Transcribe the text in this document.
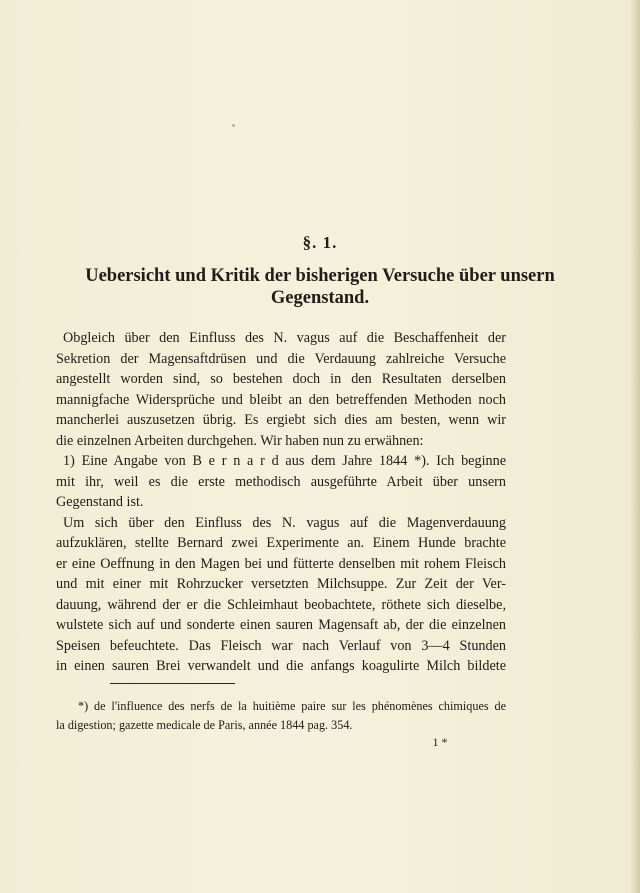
§. 1.
Uebersicht und Kritik der bisherigen Versuche über unsern
Gegenstand.
Obgleich über den Einfluss des N. vagus auf die Beschaffenheit der
Sekretion der Magensaftdrüsen und die Verdauung zahlreiche Versuche
angestellt worden sind, so bestehen doch in den Resultaten derselben
mannigfache Widersprüche und bleibt an den betreffenden Methoden noch
mancherlei auszusetzen übrig. Es ergiebt sich dies am besten, wenn wir
die einzelnen Arbeiten durchgehen. Wir haben nun zu erwähnen:
1) Eine Angabe von B e r n a r d aus dem Jahre 1844 *). Ich beginne
mit ihr, weil es die erste methodisch ausgeführte Arbeit über unsern
Gegenstand ist.
Um sich über den Einfluss des N. vagus auf die Magenverdauung
aufzuklären, stellte Bernard zwei Experimente an. Einem Hunde brachte
er eine Oeffnung in den Magen bei und fütterte denselben mit rohem Fleisch
und mit einer mit Rohrzucker versetzten Milchsuppe. Zur Zeit der Ver-
dauung, während der er die Schleimhaut beobachtete, röthete sich dieselbe,
wulstete sich auf und sonderte einen sauren Magensaft ab, der die einzelnen
Speisen befeuchtete. Das Fleisch war nach Verlauf von 3—4 Stunden
in einen sauren Brei verwandelt und die anfangs koagulirte Milch bildete
*) de l'influence des nerfs de la huitième paire sur les phénomènes chimiques de
la digestion; gazette medicale de Paris, année 1844 pag. 354.
1 *
